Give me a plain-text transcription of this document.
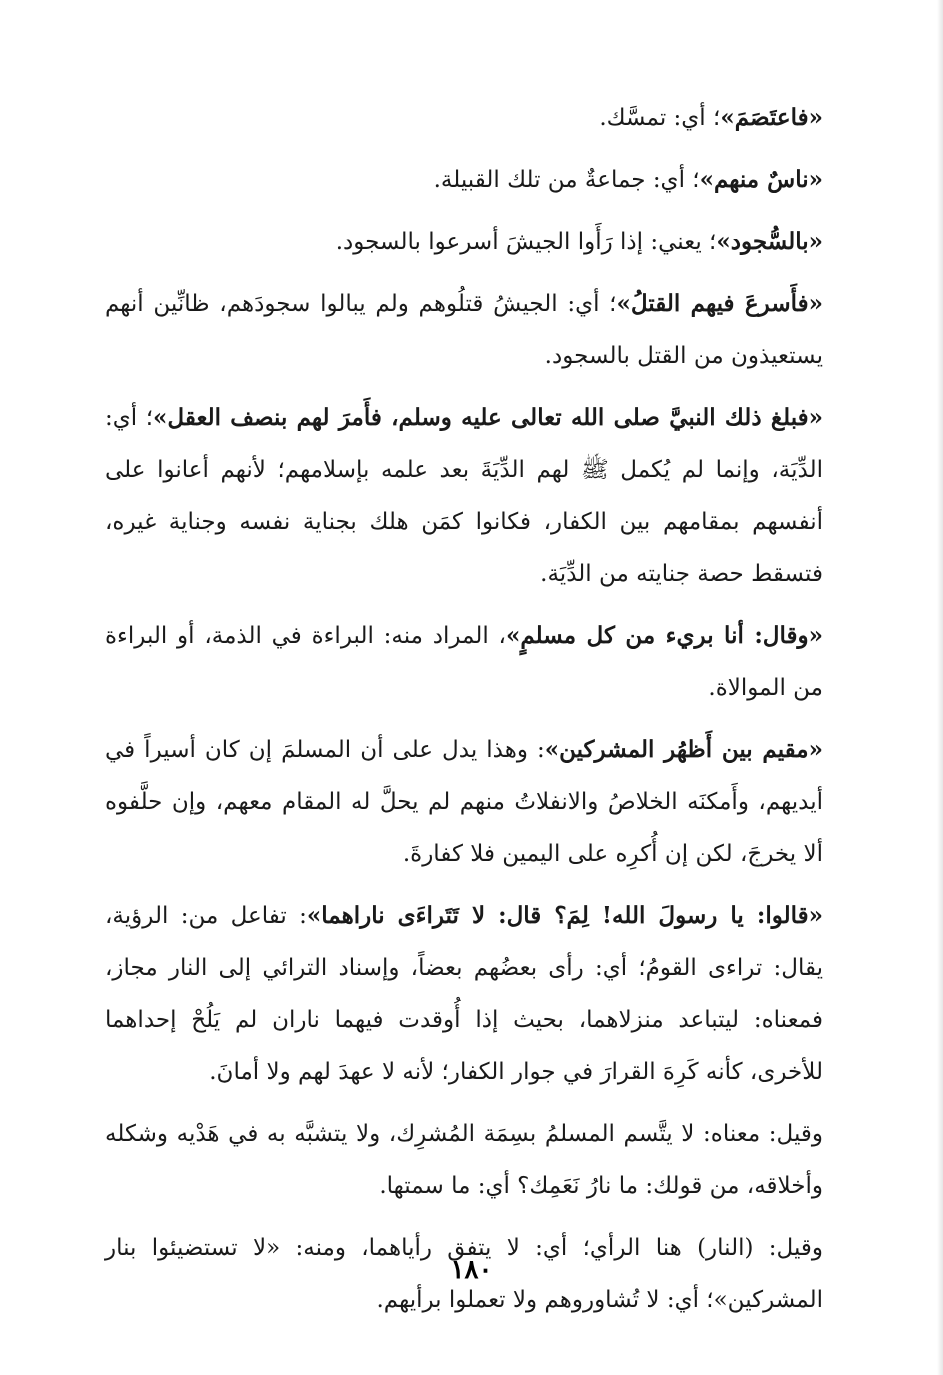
«فاعتَصَمَ»؛ أي: تمسَّك.

«ناسٌ منهم»؛ أي: جماعةٌ من تلك القبيلة.

«بالسُّجود»؛ يعني: إذا رَأَوا الجيشَ أسرعوا بالسجود.

«فأَسرعَ فيهم القتلُ»؛ أي: الجيشُ قتلُوهم ولم يبالوا سجودَهم، ظانِّين أنهم يستعيذون من القتل بالسجود.

«فبلغ ذلك النبيَّ صلى الله تعالى عليه وسلم، فأَمرَ لهم بنصف العقل»؛ أي: الدِّيَة، وإنما لم يُكمل ﷺ لهم الدِّيَةَ بعد علمه بإسلامهم؛ لأنهم أعانوا على أنفسهم بمقامهم بين الكفار، فكانوا كمَن هلك بجناية نفسه وجناية غيره، فتسقط حصة جنايته من الدِّيَة.

«وقال: أنا بريء من كل مسلمٍ»، المراد منه: البراءة في الذمة، أو البراءة من الموالاة.

«مقيم بين أَظهُر المشركين»: وهذا يدل على أن المسلمَ إن كان أسيراً في أيديهم، وأَمكنَه الخلاصُ والانفلاتُ منهم لم يحلَّ له المقام معهم، وإن حلَّفوه ألا يخرجَ، لكن إن أُكرِه على اليمين فلا كفارةَ.

«قالوا: يا رسولَ الله! لِمَ؟ قال: لا تَتَراءَى ناراهما»: تفاعل من: الرؤية، يقال: تراءى القومُ؛ أي: رأى بعضُهم بعضاً، وإسناد الترائي إلى النار مجاز، فمعناه: ليتباعد منزلاهما، بحيث إذا أُوقدت فيهما ناران لم يَلُحْ إحداهما للأخرى، كأنه كَرِهَ القرارَ في جوار الكفار؛ لأنه لا عهدَ لهم ولا أمانَ.

وقيل: معناه: لا يتَّسم المسلمُ بسِمَة المُشرِك، ولا يتشبَّه به في هَدْيه وشكله وأخلاقه، من قولك: ما نارُ نَعَمِك؟ أي: ما سمتها.

وقيل: (النار) هنا الرأي؛ أي: لا يتفق رأياهما، ومنه: «لا تستضيئوا بنار المشركين»؛ أي: لا تُشاوروهم ولا تعملوا برأيهم.

١٨٠
